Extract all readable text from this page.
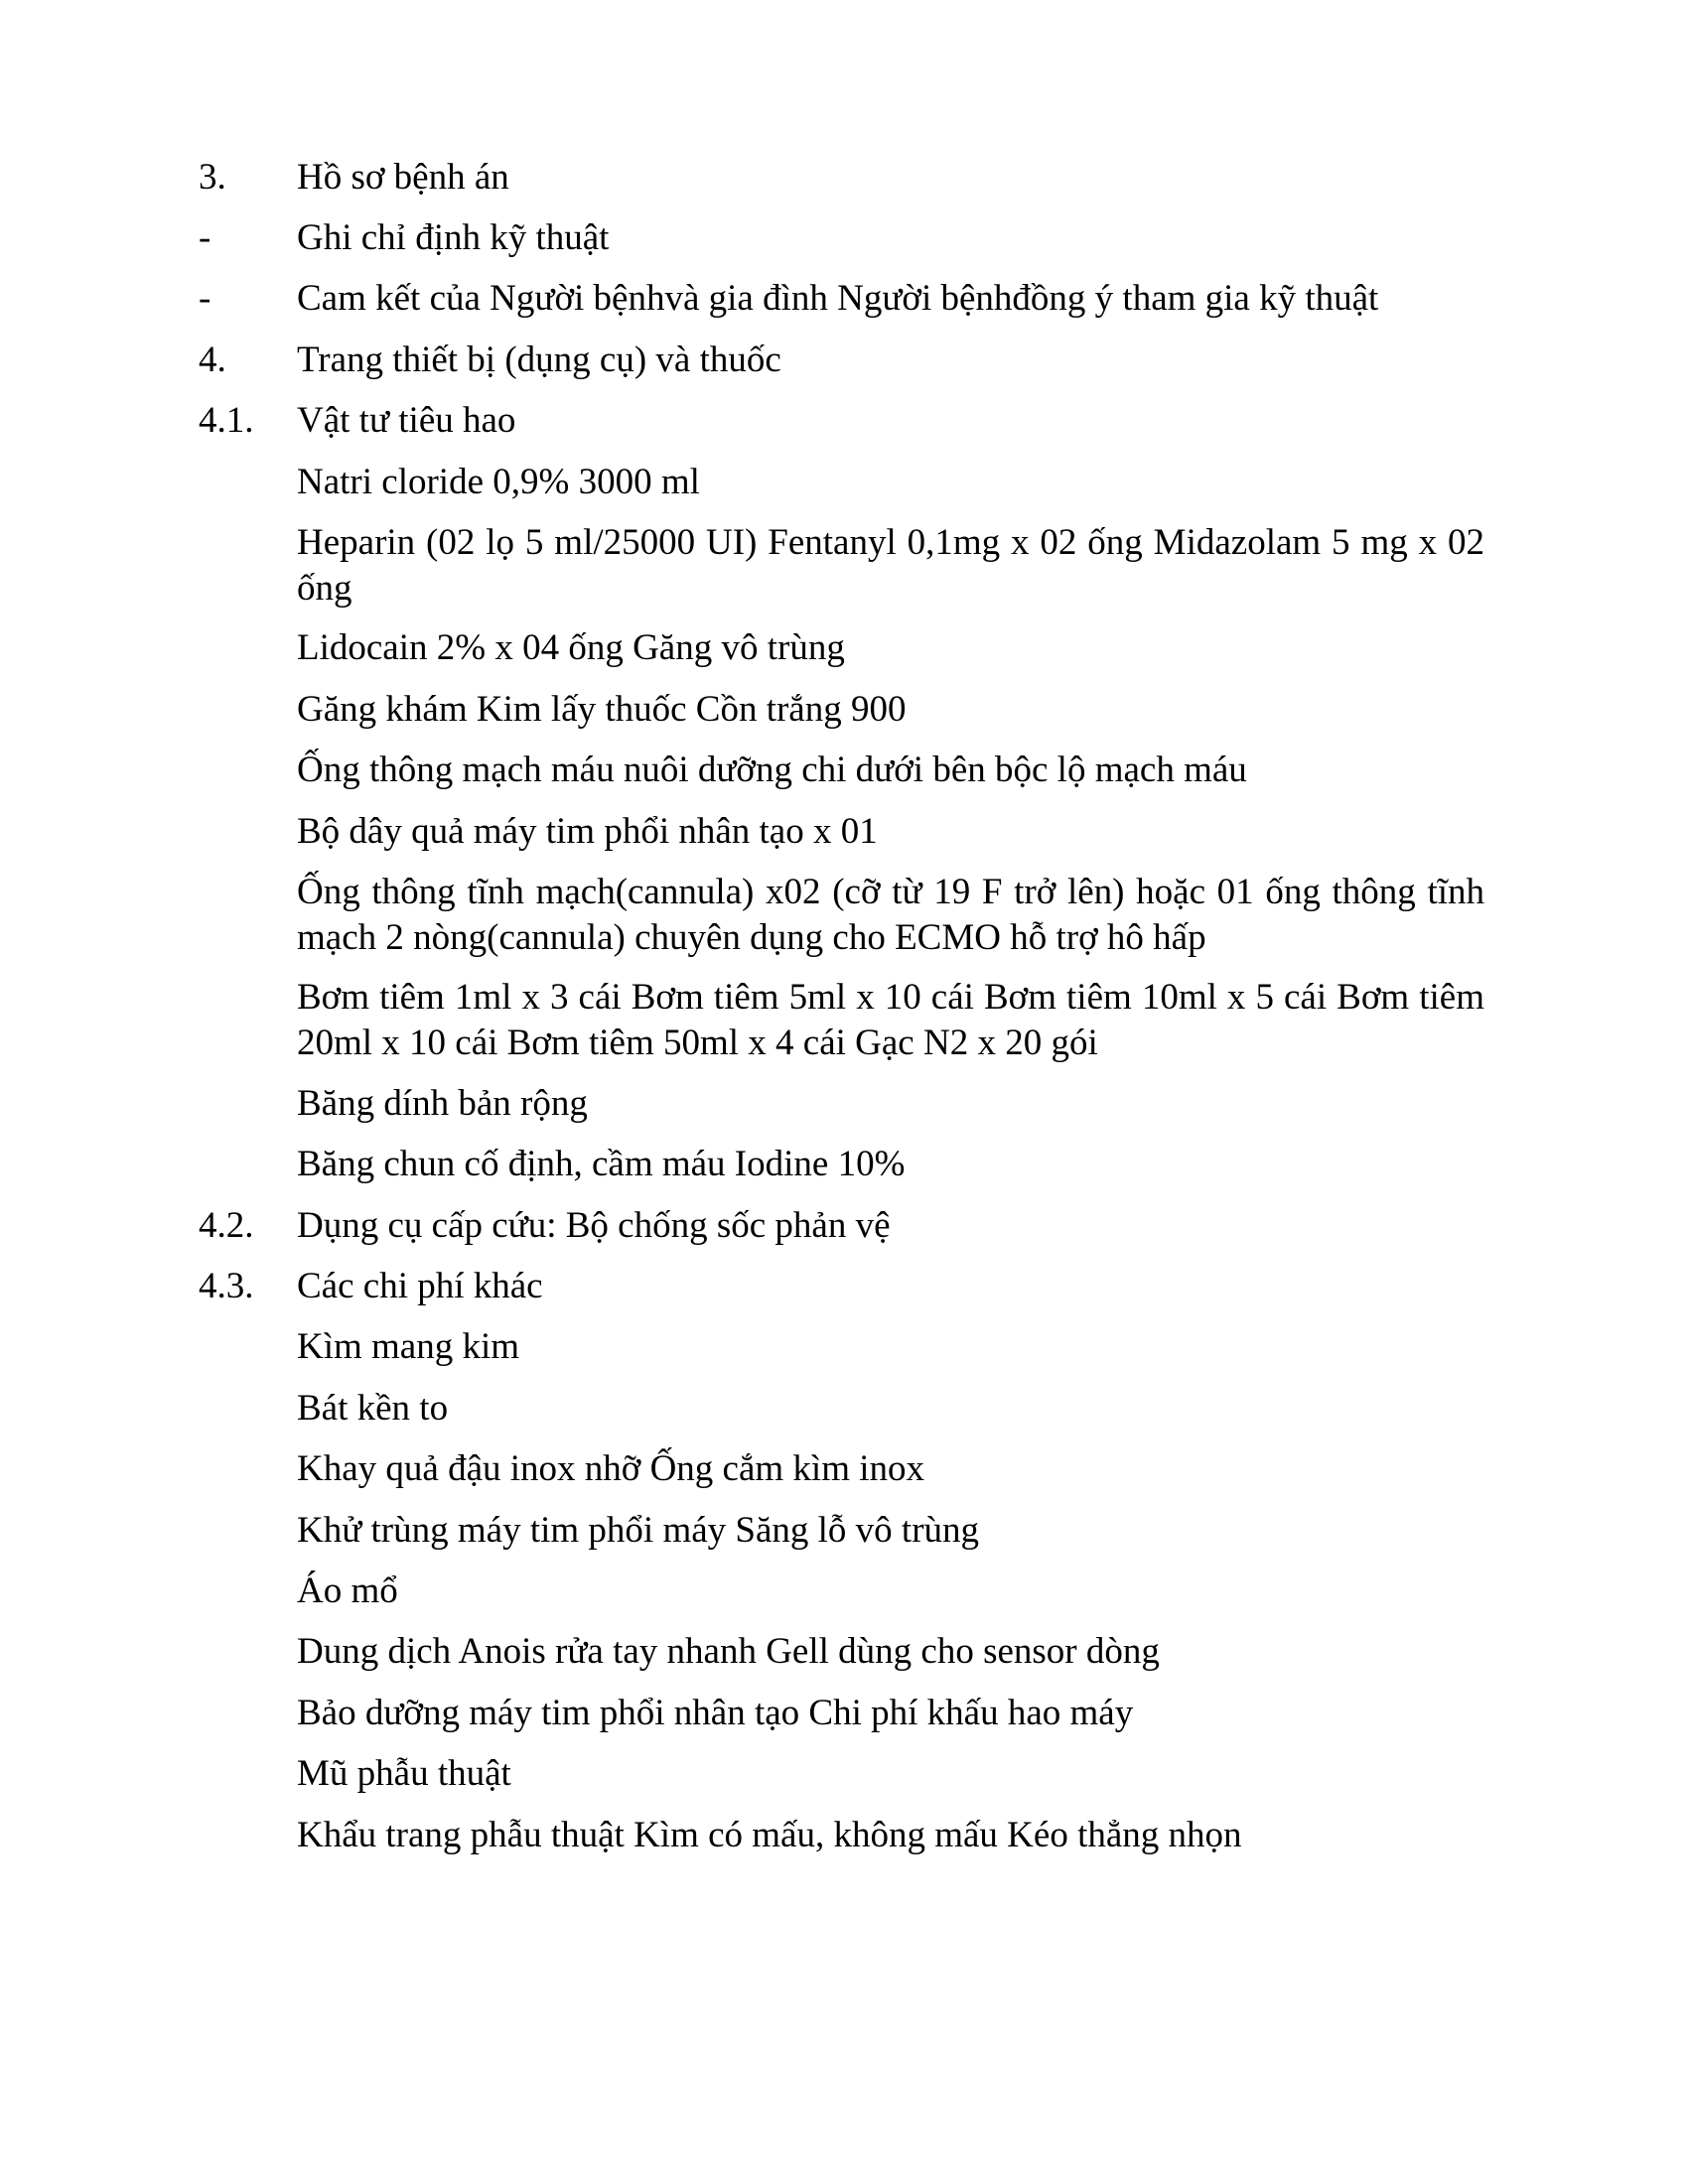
3. Hồ sơ bệnh án
- Ghi chỉ định kỹ thuật
- Cam kết của Người bệnhvà gia đình Người bệnhđồng ý tham gia kỹ thuật
4. Trang thiết bị (dụng cụ) và thuốc
4.1. Vật tư tiêu hao
Natri cloride 0,9% 3000 ml
Heparin (02 lọ 5 ml/25000 UI) Fentanyl 0,1mg x 02 ống Midazolam 5 mg x 02 ống
Lidocain 2% x 04 ống Găng vô trùng
Găng khám Kim lấy thuốc Cồn trắng 900
Ống thông mạch máu nuôi dưỡng chi dưới bên bộc lộ mạch máu
Bộ dây quả máy tim phổi nhân tạo x 01
Ống thông tĩnh mạch(cannula) x02 (cỡ từ 19 F trở lên) hoặc 01 ống thông tĩnh mạch 2 nòng(cannula) chuyên dụng cho ECMO hỗ trợ hô hấp
Bơm tiêm 1ml x 3 cái Bơm tiêm 5ml x 10 cái Bơm tiêm 10ml x 5 cái Bơm tiêm 20ml x 10 cái Bơm tiêm 50ml x 4 cái Gạc N2 x 20 gói
Băng dính bản rộng
Băng chun cố định, cầm máu Iodine 10%
4.2. Dụng cụ cấp cứu: Bộ chống sốc phản vệ
4.3. Các chi phí khác
Kìm mang kim
Bát kền to
Khay quả đậu inox nhỡ Ống cắm kìm inox
Khử trùng máy tim phổi máy Săng lỗ vô trùng
Áo mổ
Dung dịch Anois rửa tay nhanh Gell dùng cho sensor dòng
Bảo dưỡng máy tim phổi nhân tạo Chi phí khấu hao máy
Mũ phẫu thuật
Khẩu trang phẫu thuật Kìm có mấu, không mấu Kéo thẳng nhọn
